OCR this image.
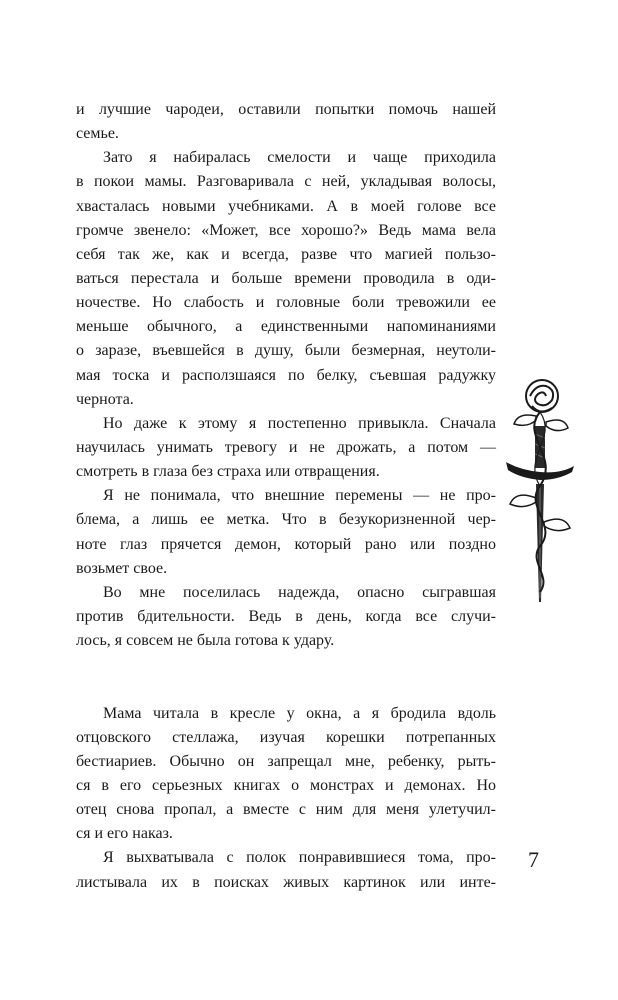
и лучшие чародеи, оставили попытки помочь нашей
семье.
Зато я набиралась смелости и чаще приходила
в покои мамы. Разговаривала с ней, укладывая волосы,
хвасталась новыми учебниками. А в моей голове все
громче звенело: «Может, все хорошо?» Ведь мама вела
себя так же, как и всегда, разве что магией пользо-
ваться перестала и больше времени проводила в оди-
ночестве. Но слабость и головные боли тревожили ее
меньше обычного, а единственными напоминаниями
о заразе, въевшейся в душу, были безмерная, неутоли-
мая тоска и расползшаяся по белку, съевшая радужку
чернота.
Но даже к этому я постепенно привыкла. Сначала
научилась унимать тревогу и не дрожать, а потом —
смотреть в глаза без страха или отвращения.
Я не понимала, что внешние перемены — не про-
блема, а лишь ее метка. Что в безукоризненной чер-
ноте глаз прячется демон, который рано или поздно
возьмет свое.
Во мне поселилась надежда, опасно сыгравшая
против бдительности. Ведь в день, когда все случи-
лось, я совсем не была готова к удару.
Мама читала в кресле у окна, а я бродила вдоль
отцовского стеллажа, изучая корешки потрепанных
бестиариев. Обычно он запрещал мне, ребенку, рыть-
ся в его серьезных книгах о монстрах и демонах. Но
отец снова пропал, а вместе с ним для меня улетучил-
ся и его наказ.
Я выхватывала с полок понравившиеся тома, про-
листывала их в поисках живых картинок или инте-
7
